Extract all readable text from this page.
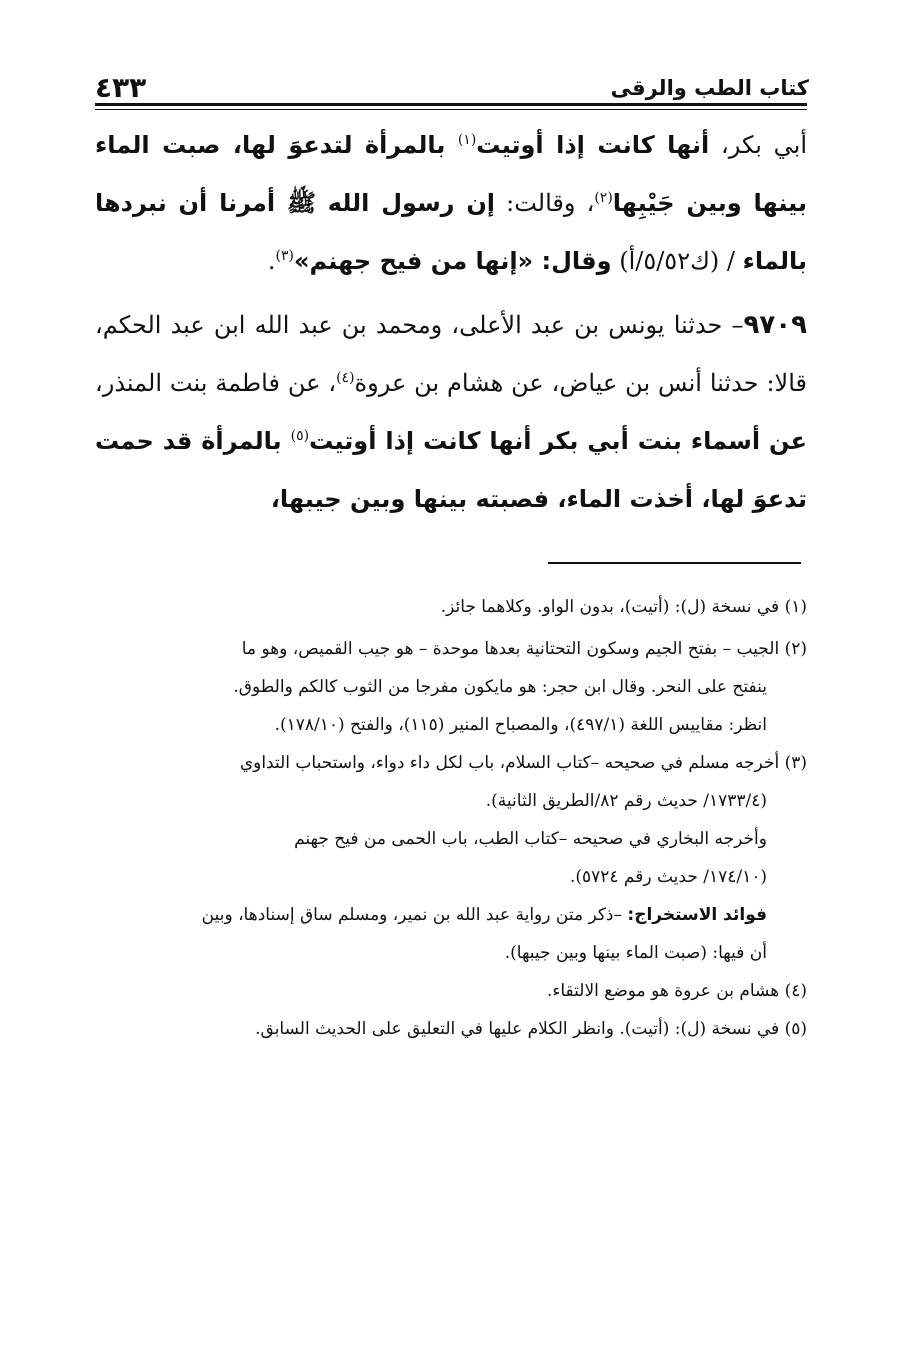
٤٣٣	كتاب الطب والرقى

أبي بكر، أنها كانت إذا أوتيت$^{(١)}$ بالمرأة لتدعوَ لها، صبت الماء بينها وبين جَيْبِها$^{(٢)}$، وقالت: إن رسول الله ﷺ أمرنا أن نبردها بالماء / (ك٥/٥٢/أ) وقال: «إنها من فيح جهنم»$^{(٣)}$.

٩٧٠٩– حدثنا يونس بن عبد الأعلى، ومحمد بن عبد الله ابن عبد الحكم، قالا: حدثنا أنس بن عياض، عن هشام بن عروة$^{(٤)}$، عن فاطمة بنت المنذر، عن أسماء بنت أبي بكر أنها كانت إذا أوتيت$^{(٥)}$ بالمرأة قد حمت تدعوَ لها، أخذت الماء، فصبته بينها وبين جيبها،

(١) في نسخة (ل): (أتيت)، بدون الواو. وكلاهما جائز.
(٢) الجيب – بفتح الجيم وسكون التحتانية بعدها موحدة – هو جيب القميص، وهو ما
ينفتح على النحر. وقال ابن حجر: هو مايكون مفرجا من الثوب كالكم والطوق.
انظر: مقاييس اللغة (٤٩٧/١)، والمصباح المنير (١١٥)، والفتح (١٧٨/١٠).
(٣) أخرجه مسلم في صحيحه –كتاب السلام، باب لكل داء دواء، واستحباب التداوي
(١٧٣٣/٤/ حديث رقم ٨٢/الطريق الثانية).
وأخرجه البخاري في صحيحه –كتاب الطب، باب الحمى من فيح جهنم
(١٧٤/١٠/ حديث رقم ٥٧٢٤).
فوائد الاستخراج: –ذكر متن رواية عبد الله بن نمير، ومسلم ساق إسنادها، وبين
أن فيها: (صبت الماء بينها وبين جيبها).
(٤) هشام بن عروة هو موضع الالتقاء.
(٥) في نسخة (ل): (أتيت). وانظر الكلام عليها في التعليق على الحديث السابق.
